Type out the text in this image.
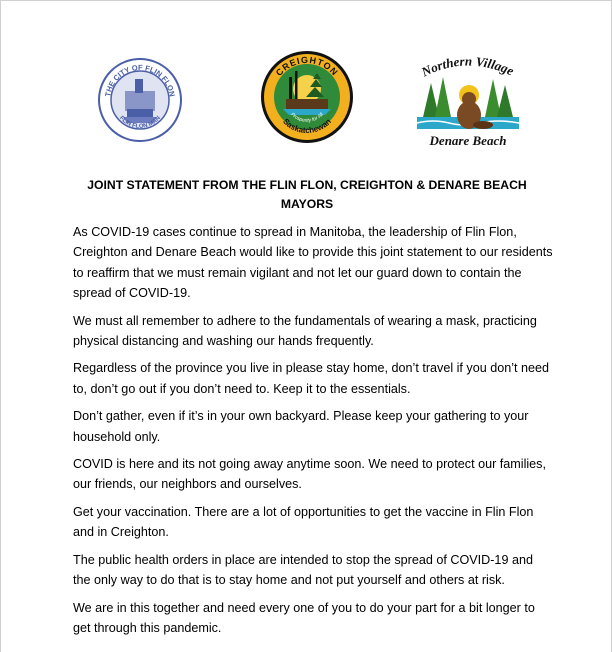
THE CITY OF FLIN FLON
FLIN FLON MAN
CREIGHTON
Saskatchewan
Prosperity for All
Northern Village
Denare Beach
JOINT STATEMENT FROM THE FLIN FLON, CREIGHTON & DENARE BEACH
MAYORS

As COVID-19 cases continue to spread in Manitoba, the leadership of Flin Flon, Creighton and Denare Beach would like to provide this joint statement to our residents to reaffirm that we must remain vigilant and not let our guard down to contain the spread of COVID-19.

We must all remember to adhere to the fundamentals of wearing a mask, practicing physical distancing and washing our hands frequently.

Regardless of the province you live in please stay home, don’t travel if you don’t need to, don’t go out if you don’t need to. Keep it to the essentials.

Don’t gather, even if it’s in your own backyard. Please keep your gathering to your household only.

COVID is here and its not going away anytime soon. We need to protect our families, our friends, our neighbors and ourselves.

Get your vaccination. There are a lot of opportunities to get the vaccine in Flin Flon and in Creighton.

The public health orders in place are intended to stop the spread of COVID-19 and the only way to do that is to stay home and not put yourself and others at risk.

We are in this together and need every one of you to do your part for a bit longer to get through this pandemic.
